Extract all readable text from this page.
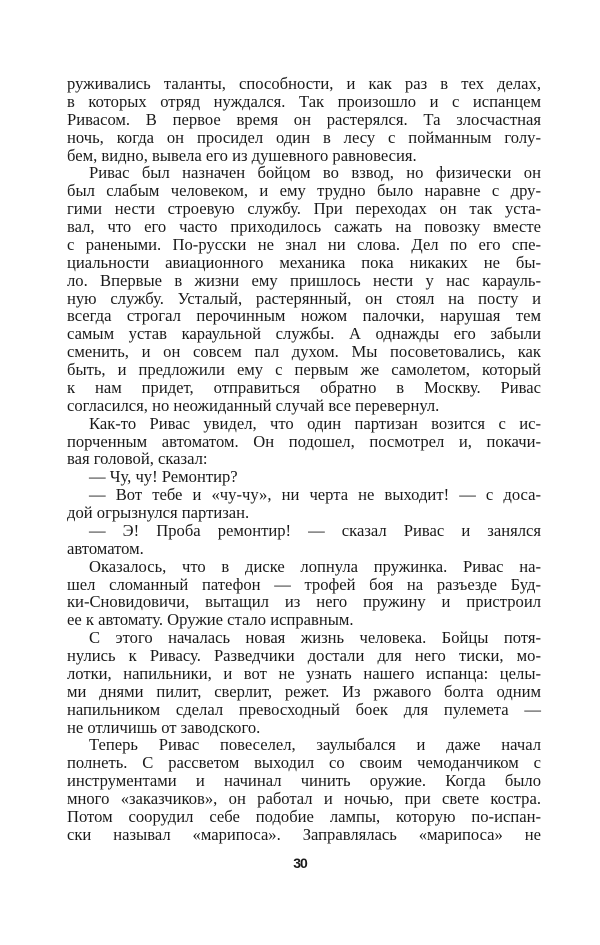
руживались таланты, способности, и как раз в тех делах,
в которых отряд нуждался. Так произошло и с испанцем
Ривасом. В первое время он растерялся. Та злосчастная
ночь, когда он просидел один в лесу с пойманным голу-
бем, видно, вывела его из душевного равновесия.
Ривас был назначен бойцом во взвод, но физически он
был слабым человеком, и ему трудно было наравне с дру-
гими нести строевую службу. При переходах он так уста-
вал, что его часто приходилось сажать на повозку вместе
с ранеными. По-русски не знал ни слова. Дел по его спе-
циальности авиационного механика пока никаких не бы-
ло. Впервые в жизни ему пришлось нести у нас карауль-
ную службу. Усталый, растерянный, он стоял на посту и
всегда строгал перочинным ножом палочки, нарушая тем
самым устав караульной службы. А однажды его забыли
сменить, и он совсем пал духом. Мы посоветовались, как
быть, и предложили ему с первым же самолетом, который
к нам придет, отправиться обратно в Москву. Ривас
согласился, но неожиданный случай все перевернул.
Как-то Ривас увидел, что один партизан возится с ис-
порченным автоматом. Он подошел, посмотрел и, покачи-
вая головой, сказал:
— Чу, чу! Ремонтир?
— Вот тебе и «чу-чу», ни черта не выходит! — с доса-
дой огрызнулся партизан.
— Э! Проба ремонтир! — сказал Ривас и занялся
автоматом.
Оказалось, что в диске лопнула пружинка. Ривас на-
шел сломанный патефон — трофей боя на разъезде Буд-
ки-Сновидовичи, вытащил из него пружину и пристроил
ее к автомату. Оружие стало исправным.
С этого началась новая жизнь человека. Бойцы потя-
нулись к Ривасу. Разведчики достали для него тиски, мо-
лотки, напильники, и вот не узнать нашего испанца: целы-
ми днями пилит, сверлит, режет. Из ржавого болта одним
напильником сделал превосходный боек для пулемета —
не отличишь от заводского.
Теперь Ривас повеселел, заулыбался и даже начал
полнеть. С рассветом выходил со своим чемоданчиком с
инструментами и начинал чинить оружие. Когда было
много «заказчиков», он работал и ночью, при свете костра.
Потом соорудил себе подобие лампы, которую по-испан-
ски называл «марипоса». Заправлялась «марипоса» не
30
